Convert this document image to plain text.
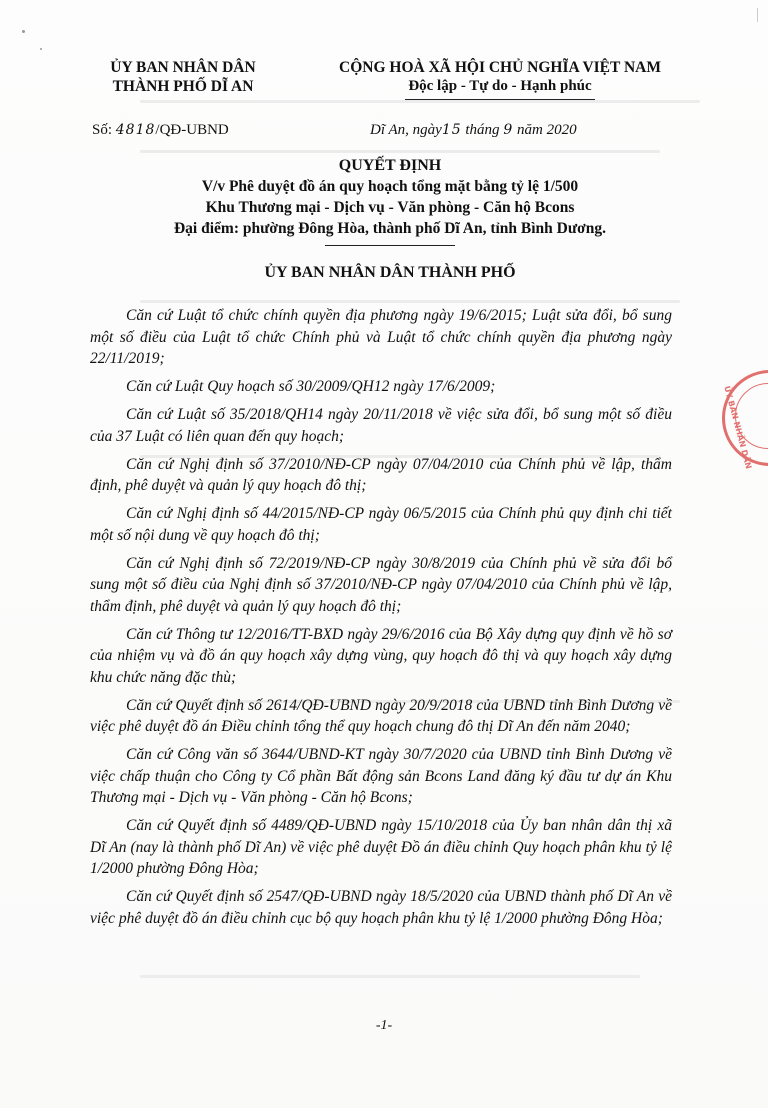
ỦY BAN NHÂN DÂN
THÀNH PHỐ DĨ AN
CỘNG HOÀ XÃ HỘI CHỦ NGHĨA VIỆT NAM
Độc lập - Tự do - Hạnh phúc
Số: 4818/QĐ-UBND	Dĩ An, ngày15 tháng 9 năm 2020
QUYẾT ĐỊNH
V/v Phê duyệt đồ án quy hoạch tổng mặt bằng tỷ lệ 1/500
Khu Thương mại - Dịch vụ - Văn phòng - Căn hộ Bcons
Đại điểm: phường Đông Hòa, thành phố Dĩ An, tỉnh Bình Dương.
ỦY BAN NHÂN DÂN THÀNH PHỐ

Căn cứ Luật tổ chức chính quyền địa phương ngày 19/6/2015; Luật sửa đổi, bổ sung một số điều của Luật tổ chức Chính phủ và Luật tổ chức chính quyền địa phương ngày 22/11/2019;

Căn cứ Luật Quy hoạch số 30/2009/QH12 ngày 17/6/2009;

Căn cứ Luật số 35/2018/QH14 ngày 20/11/2018 về việc sửa đổi, bổ sung một số điều của 37 Luật có liên quan đến quy hoạch;

Căn cứ Nghị định số 37/2010/NĐ-CP ngày 07/04/2010 của Chính phủ về lập, thẩm định, phê duyệt và quản lý quy hoạch đô thị;

Căn cứ Nghị định số 44/2015/NĐ-CP ngày 06/5/2015 của Chính phủ quy định chi tiết một số nội dung về quy hoạch đô thị;

Căn cứ Nghị định số 72/2019/NĐ-CP ngày 30/8/2019 của Chính phủ về sửa đổi bổ sung một số điều của Nghị định số 37/2010/NĐ-CP ngày 07/04/2010 của Chính phủ về lập, thẩm định, phê duyệt và quản lý quy hoạch đô thị;

Căn cứ Thông tư 12/2016/TT-BXD ngày 29/6/2016 của Bộ Xây dựng quy định về hồ sơ của nhiệm vụ và đồ án quy hoạch xây dựng vùng, quy hoạch đô thị và quy hoạch xây dựng khu chức năng đặc thù;

Căn cứ Quyết định số 2614/QĐ-UBND ngày 20/9/2018 của UBND tỉnh Bình Dương về việc phê duyệt đồ án Điều chỉnh tổng thể quy hoạch chung đô thị Dĩ An đến năm 2040;

Căn cứ Công văn số 3644/UBND-KT ngày 30/7/2020 của UBND tỉnh Bình Dương về việc chấp thuận cho Công ty Cổ phần Bất động sản Bcons Land đăng ký đầu tư dự án Khu Thương mại - Dịch vụ - Văn phòng - Căn hộ Bcons;

Căn cứ Quyết định số 4489/QĐ-UBND ngày 15/10/2018 của Ủy ban nhân dân thị xã Dĩ An (nay là thành phố Dĩ An) về việc phê duyệt Đồ án điều chỉnh Quy hoạch phân khu tỷ lệ 1/2000 phường Đông Hòa;

Căn cứ Quyết định số 2547/QĐ-UBND ngày 18/5/2020 của UBND thành phố Dĩ An về việc phê duyệt đồ án điều chỉnh cục bộ quy hoạch phân khu tỷ lệ 1/2000 phường Đông Hòa;

-1-
ỦY BAN NHÂN DÂN
